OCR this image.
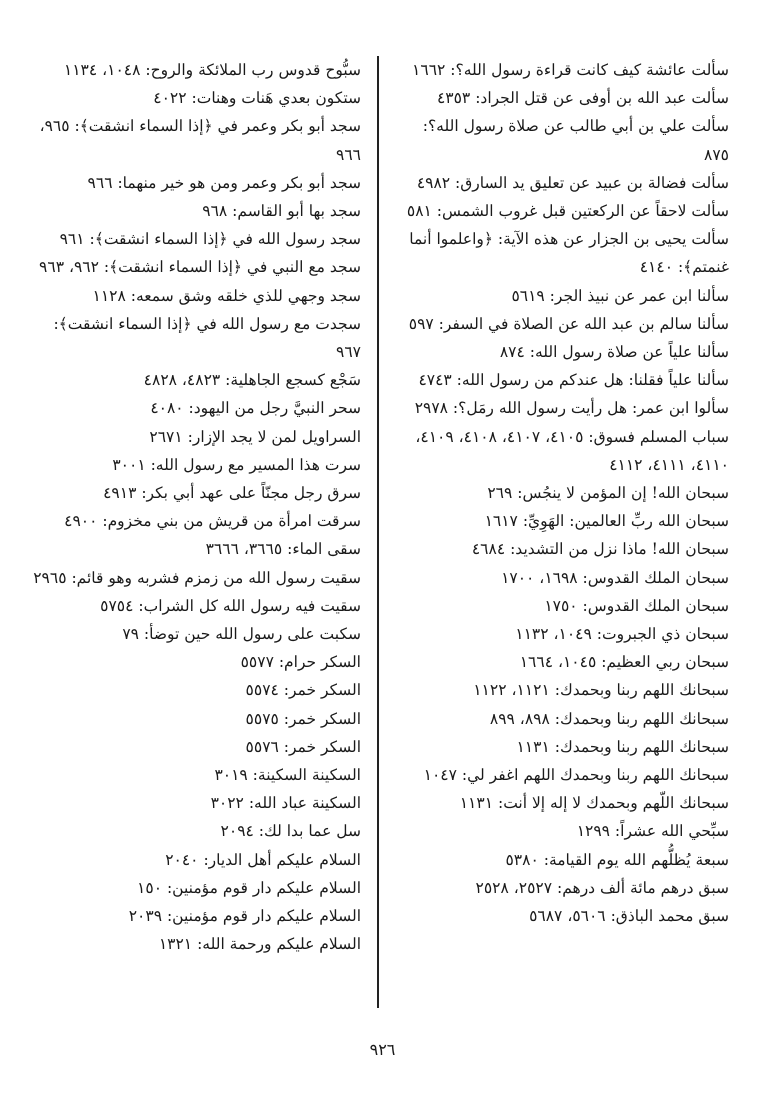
سألت عائشة كيف كانت قراءة رسول الله؟: ١٦٦٢

سألت عبد الله بن أوفى عن قتل الجراد: ٤٣٥٣

سألت علي بن أبي طالب عن صلاة رسول الله؟: ٨٧٥

سألت فضالة بن عبيد عن تعليق يد السارق: ٤٩٨٢

سألت لاحقاً عن الركعتين قبل غروب الشمس: ٥٨١

سألت يحيى بن الجزار عن هذه الآية: ﴿واعلموا أنما غنمتم﴾: ٤١٤٠

سألنا ابن عمر عن نبيذ الجر: ٥٦١٩

سألنا سالم بن عبد الله عن الصلاة في السفر: ٥٩٧

سألنا علياً عن صلاة رسول الله: ٨٧٤

سألنا علياً فقلنا: هل عندكم من رسول الله: ٤٧٤٣

سألوا ابن عمر: هل رأيت رسول الله رمَل؟: ٢٩٧٨

سباب المسلم فسوق: ٤١٠٥، ٤١٠٧، ٤١٠٨، ٤١٠٩، ٤١١٠، ٤١١١، ٤١١٢

سبحان الله! إن المؤمن لا ينجُس: ٢٦٩

سبحان الله ربِّ العالمين: الهَوِيِّ: ١٦١٧

سبحان الله! ماذا نزل من التشديد: ٤٦٨٤

سبحان الملك القدوس: ١٦٩٨، ١٧٠٠

سبحان الملك القدوس: ١٧٥٠

سبحان ذي الجبروت: ١٠٤٩، ١١٣٢

سبحان ربي العظيم: ١٠٤٥، ١٦٦٤

سبحانك اللهم ربنا وبحمدك: ١١٢١، ١١٢٢

سبحانك اللهم ربنا وبحمدك: ٨٩٨، ٨٩٩

سبحانك اللهم ربنا وبحمدك: ١١٣١

سبحانك اللهم ربنا وبحمدك اللهم اغفر لي: ١٠٤٧

سبحانك اللّهم وبحمدك لا إله إلا أنت: ١١٣١

سبِّحي الله عشراً: ١٢٩٩

سبعة يُظلُّهم الله يوم القيامة: ٥٣٨٠

سبق درهم مائة ألف درهم: ٢٥٢٧، ٢٥٢٨

سبق محمد الباذق: ٥٦٠٦، ٥٦٨٧

سبُّوح قدوس رب الملائكة والروح: ١٠٤٨، ١١٣٤

ستكون بعدي هَنات وهنات: ٤٠٢٢

سجد أبو بكر وعمر في ﴿إذا السماء انشقت﴾: ٩٦٥، ٩٦٦

سجد أبو بكر وعمر ومن هو خير منهما: ٩٦٦

سجد بها أبو القاسم: ٩٦٨

سجد رسول الله في ﴿إذا السماء انشقت﴾: ٩٦١

سجد مع النبي في ﴿إذا السماء انشقت﴾: ٩٦٢، ٩٦٣

سجد وجهي للذي خلقه وشق سمعه: ١١٢٨

سجدت مع رسول الله في ﴿إذا السماء انشقت﴾: ٩٦٧

سَجْع كسجع الجاهلية: ٤٨٢٣، ٤٨٢٨

سحر النبيَّ رجل من اليهود: ٤٠٨٠

السراويل لمن لا يجد الإزار: ٢٦٧١

سرت هذا المسير مع رسول الله: ٣٠٠١

سرق رجل مجنّاً على عهد أبي بكر: ٤٩١٣

سرقت امرأة من قريش من بني مخزوم: ٤٩٠٠

سقى الماء: ٣٦٦٥، ٣٦٦٦

سقيت رسول الله من زمزم فشربه وهو قائم: ٢٩٦٥

سقيت فيه رسول الله كل الشراب: ٥٧٥٤

سكبت على رسول الله حين توضأ: ٧٩

السكر حرام: ٥٥٧٧

السكر خمر: ٥٥٧٤

السكر خمر: ٥٥٧٥

السكر خمر: ٥٥٧٦

السكينة السكينة: ٣٠١٩

السكينة عباد الله: ٣٠٢٢

سل عما بدا لك: ٢٠٩٤

السلام عليكم أهل الديار: ٢٠٤٠

السلام عليكم دار قوم مؤمنين: ١٥٠

السلام عليكم دار قوم مؤمنين: ٢٠٣٩

السلام عليكم ورحمة الله: ١٣٢١

٩٢٦
